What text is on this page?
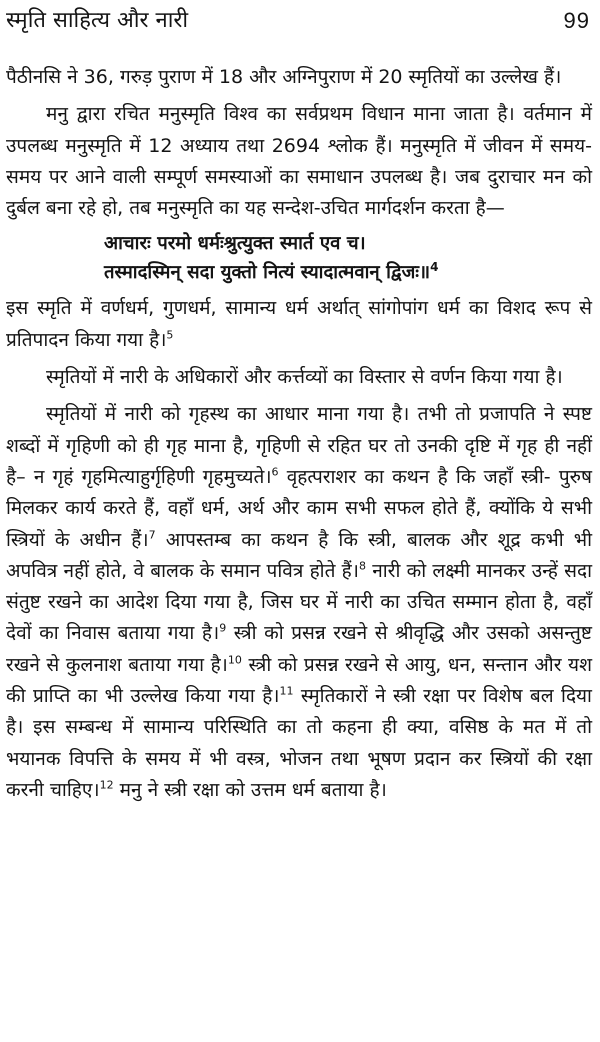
स्मृति साहित्य और नारी	99

पैठीनसि ने 36, गरुड़ पुराण में 18 और अग्निपुराण में 20 स्मृतियों का उल्लेख हैं।

मनु द्वारा रचित मनुस्मृति विश्व का सर्वप्रथम विधान माना जाता है। वर्तमान में उपलब्ध मनुस्मृति में 12 अध्याय तथा 2694 श्लोक हैं। मनुस्मृति में जीवन में समय-समय पर आने वाली सम्पूर्ण समस्याओं का समाधान उपलब्ध है। जब दुराचार मन को दुर्बल बना रहे हो, तब मनुस्मृति का यह सन्देश-उचित मार्गदर्शन करता है—

आचारः परमो धर्मःश्रुत्युक्त स्मार्त एव च।
तस्मादस्मिन् सदा युक्तो नित्यं स्यादात्मवान् द्विजः॥$^4$

इस स्मृति में वर्णधर्म, गुणधर्म, सामान्य धर्म अर्थात् सांगोपांग धर्म का विशद रूप से प्रतिपादन किया गया है।$^5$

स्मृतियों में नारी के अधिकारों और कर्त्तव्यों का विस्तार से वर्णन किया गया है।

स्मृतियों में नारी को गृहस्थ का आधार माना गया है। तभी तो प्रजापति ने स्पष्ट शब्दों में गृहिणी को ही गृह माना है, गृहिणी से रहित घर तो उनकी दृष्टि में गृह ही नहीं है– न गृहं गृहमित्याहुर्गृहिणी गृहमुच्यते।$^6$ वृहत्पराशर का कथन है कि जहाँ स्त्री- पुरुष मिलकर कार्य करते हैं, वहाँ धर्म, अर्थ और काम सभी सफल होते हैं, क्योंकि ये सभी स्त्रियों के अधीन हैं।$^7$ आपस्तम्ब का कथन है कि स्त्री, बालक और शूद्र कभी भी अपवित्र नहीं होते, वे बालक के समान पवित्र होते हैं।$^8$ नारी को लक्ष्मी मानकर उन्हें सदा संतुष्ट रखने का आदेश दिया गया है, जिस घर में नारी का उचित सम्मान होता है, वहाँ देवों का निवास बताया गया है।$^9$ स्त्री को प्रसन्न रखने से श्रीवृद्धि और उसको असन्तुष्ट रखने से कुलनाश बताया गया है।$^{10}$ स्त्री को प्रसन्न रखने से आयु, धन, सन्तान और यश की प्राप्ति का भी उल्लेख किया गया है।$^{11}$ स्मृतिकारों ने स्त्री रक्षा पर विशेष बल दिया है। इस सम्बन्ध में सामान्य परिस्थिति का तो कहना ही क्या, वसिष्ठ के मत में तो भयानक विपत्ति के समय में भी वस्त्र, भोजन तथा भूषण प्रदान कर स्त्रियों की रक्षा करनी चाहिए।$^{12}$ मनु ने स्त्री रक्षा को उत्तम धर्म बताया है।
